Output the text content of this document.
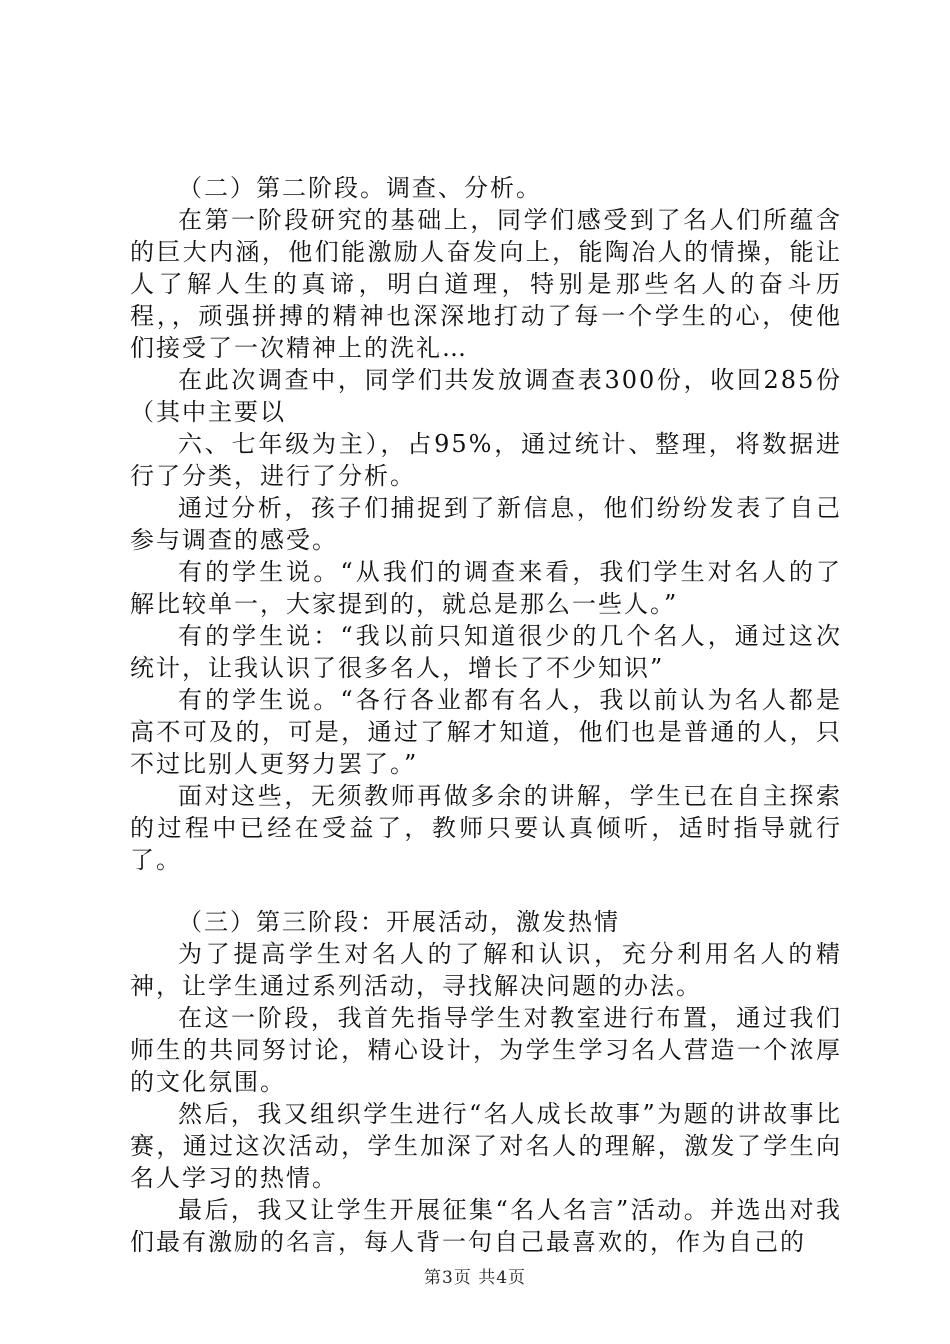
（二）第二阶段。调查、分析。

在第一阶段研究的基础上，同学们感受到了名人们所蕴含的巨大内涵，他们能激励人奋发向上，能陶冶人的情操，能让人了解人生的真谛，明白道理，特别是那些名人的奋斗历程，，顽强拼搏的精神也深深地打动了每一个学生的心，使他们接受了一次精神上的洗礼…

在此次调查中，同学们共发放调查表300份，收回285份（其中主要以

六、七年级为主），占95%，通过统计、整理，将数据进行了分类，进行了分析。

通过分析，孩子们捕捉到了新信息，他们纷纷发表了自己参与调查的感受。

有的学生说。“从我们的调查来看，我们学生对名人的了解比较单一，大家提到的，就总是那么一些人。”

有的学生说：“我以前只知道很少的几个名人，通过这次统计，让我认识了很多名人，增长了不少知识”

有的学生说。“各行各业都有名人，我以前认为名人都是高不可及的，可是，通过了解才知道，他们也是普通的人，只不过比别人更努力罢了。”

面对这些，无须教师再做多余的讲解，学生已在自主探索的过程中已经在受益了，教师只要认真倾听，适时指导就行了。

（三）第三阶段：开展活动，激发热情

为了提高学生对名人的了解和认识，充分利用名人的精神，让学生通过系列活动，寻找解决问题的办法。

在这一阶段，我首先指导学生对教室进行布置，通过我们师生的共同努讨论，精心设计，为学生学习名人营造一个浓厚的文化氛围。

然后，我又组织学生进行“名人成长故事”为题的讲故事比赛，通过这次活动，学生加深了对名人的理解，激发了学生向名人学习的热情。

最后，我又让学生开展征集“名人名言”活动。并选出对我们最有激励的名言，每人背一句自己最喜欢的，作为自己的

第3页 共4页
